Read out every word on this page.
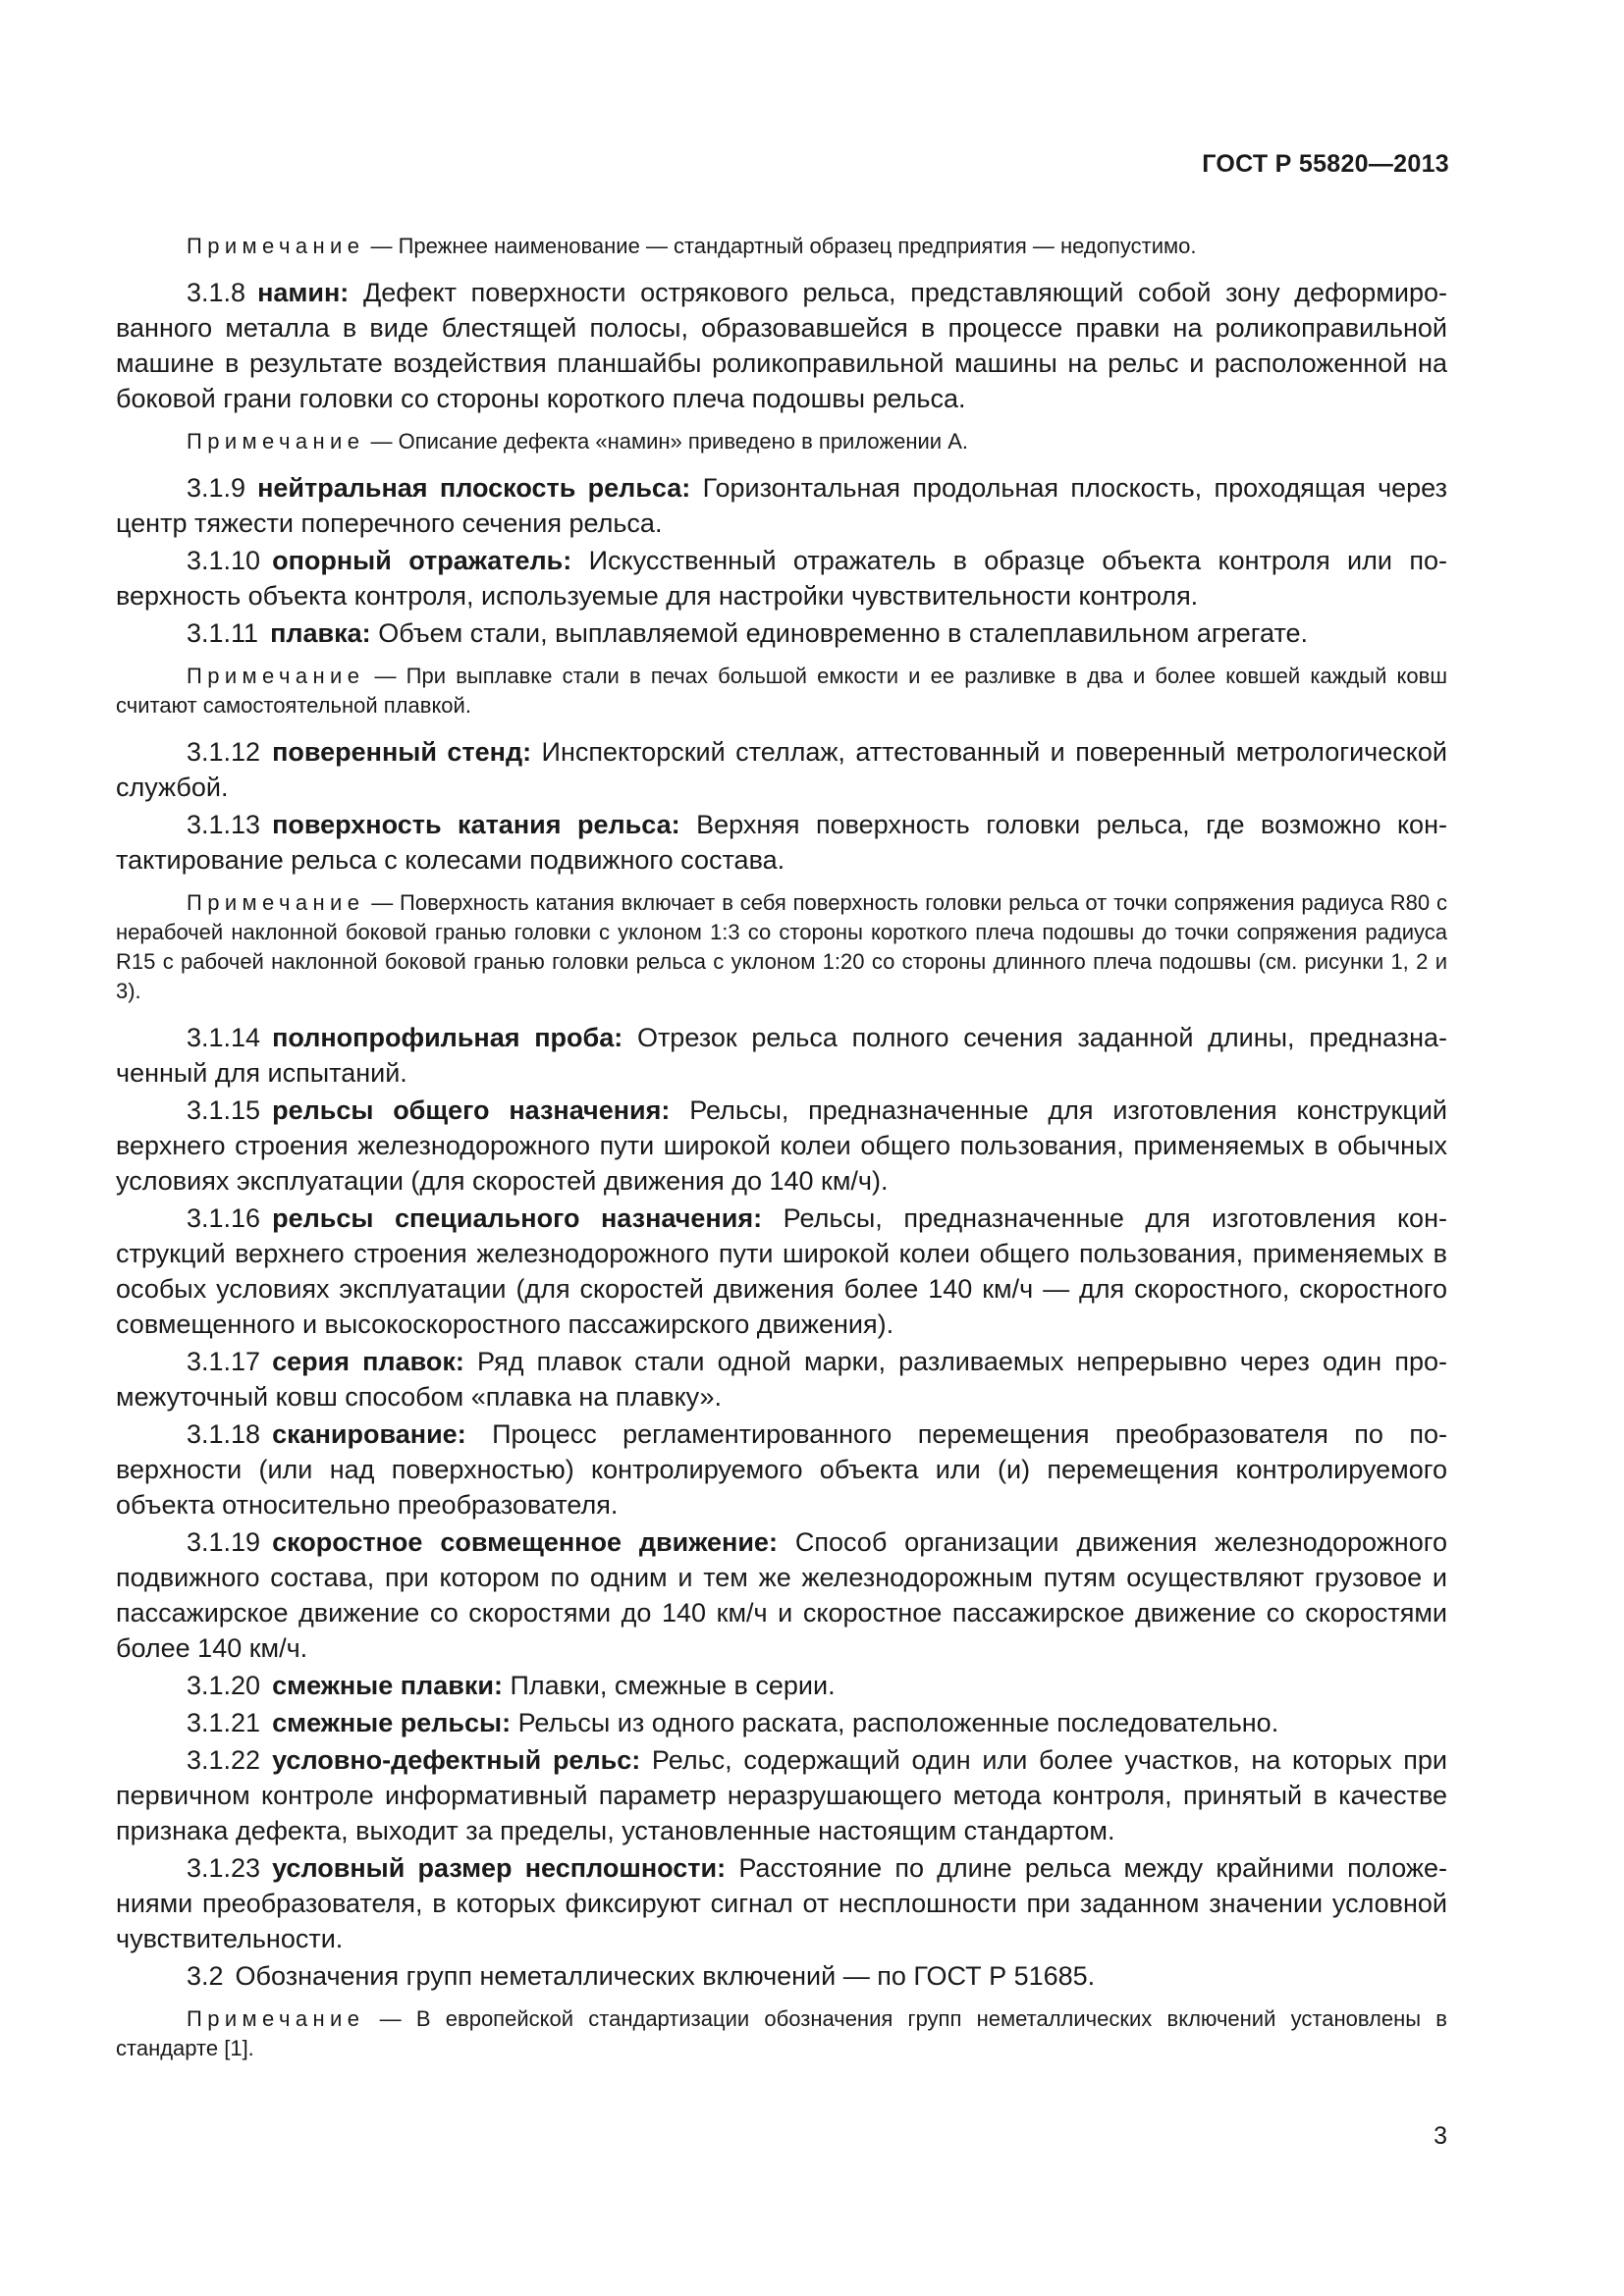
ГОСТ Р 55820—2013

Примечание — Прежнее наименование — стандартный образец предприятия — недопустимо.

3.1.8 намин: Дефект поверхности острякового рельса, представляющий собой зону деформированного металла в виде блестящей полосы, образовавшейся в процессе правки на роликоправильной машине в результате воздействия планшайбы роликоправильной машины на рельс и расположенной на боковой грани головки со стороны короткого плеча подошвы рельса.

Примечание — Описание дефекта «намин» приведено в приложении А.

3.1.9 нейтральная плоскость рельса: Горизонтальная продольная плоскость, проходящая через центр тяжести поперечного сечения рельса.

3.1.10 опорный отражатель: Искусственный отражатель в образце объекта контроля или поверхность объекта контроля, используемые для настройки чувствительности контроля.

3.1.11 плавка: Объем стали, выплавляемой единовременно в сталеплавильном агрегате.

Примечание — При выплавке стали в печах большой емкости и ее разливке в два и более ковшей каждый ковш считают самостоятельной плавкой.

3.1.12 поверенный стенд: Инспекторский стеллаж, аттестованный и поверенный метрологической службой.

3.1.13 поверхность катания рельса: Верхняя поверхность головки рельса, где возможно контактирование рельса с колесами подвижного состава.

Примечание — Поверхность катания включает в себя поверхность головки рельса от точки сопряжения радиуса R80 с нерабочей наклонной боковой гранью головки с уклоном 1:3 со стороны короткого плеча подошвы до точки сопряжения радиуса R15 с рабочей наклонной боковой гранью головки рельса с уклоном 1:20 со стороны длинного плеча подошвы (см. рисунки 1, 2 и 3).

3.1.14 полнопрофильная проба: Отрезок рельса полного сечения заданной длины, предназначенный для испытаний.

3.1.15 рельсы общего назначения: Рельсы, предназначенные для изготовления конструкций верхнего строения железнодорожного пути широкой колеи общего пользования, применяемых в обычных условиях эксплуатации (для скоростей движения до 140 км/ч).

3.1.16 рельсы специального назначения: Рельсы, предназначенные для изготовления конструкций верхнего строения железнодорожного пути широкой колеи общего пользования, применяемых в особых условиях эксплуатации (для скоростей движения более 140 км/ч — для скоростного, скоростного совмещенного и высокоскоростного пассажирского движения).

3.1.17 серия плавок: Ряд плавок стали одной марки, разливаемых непрерывно через один промежуточный ковш способом «плавка на плавку».

3.1.18 сканирование: Процесс регламентированного перемещения преобразователя по поверхности (или над поверхностью) контролируемого объекта или (и) перемещения контролируемого объекта относительно преобразователя.

3.1.19 скоростное совмещенное движение: Способ организации движения железнодорожного подвижного состава, при котором по одним и тем же железнодорожным путям осуществляют грузовое и пассажирское движение со скоростями до 140 км/ч и скоростное пассажирское движение со скоростями более 140 км/ч.

3.1.20 смежные плавки: Плавки, смежные в серии.

3.1.21 смежные рельсы: Рельсы из одного раската, расположенные последовательно.

3.1.22 условно-дефектный рельс: Рельс, содержащий один или более участков, на которых при первичном контроле информативный параметр неразрушающего метода контроля, принятый в качестве признака дефекта, выходит за пределы, установленные настоящим стандартом.

3.1.23 условный размер несплошности: Расстояние по длине рельса между крайними положениями преобразователя, в которых фиксируют сигнал от несплошности при заданном значении условной чувствительности.

3.2 Обозначения групп неметаллических включений — по ГОСТ Р 51685.

Примечание — В европейской стандартизации обозначения групп неметаллических включений установлены в стандарте [1].

3
